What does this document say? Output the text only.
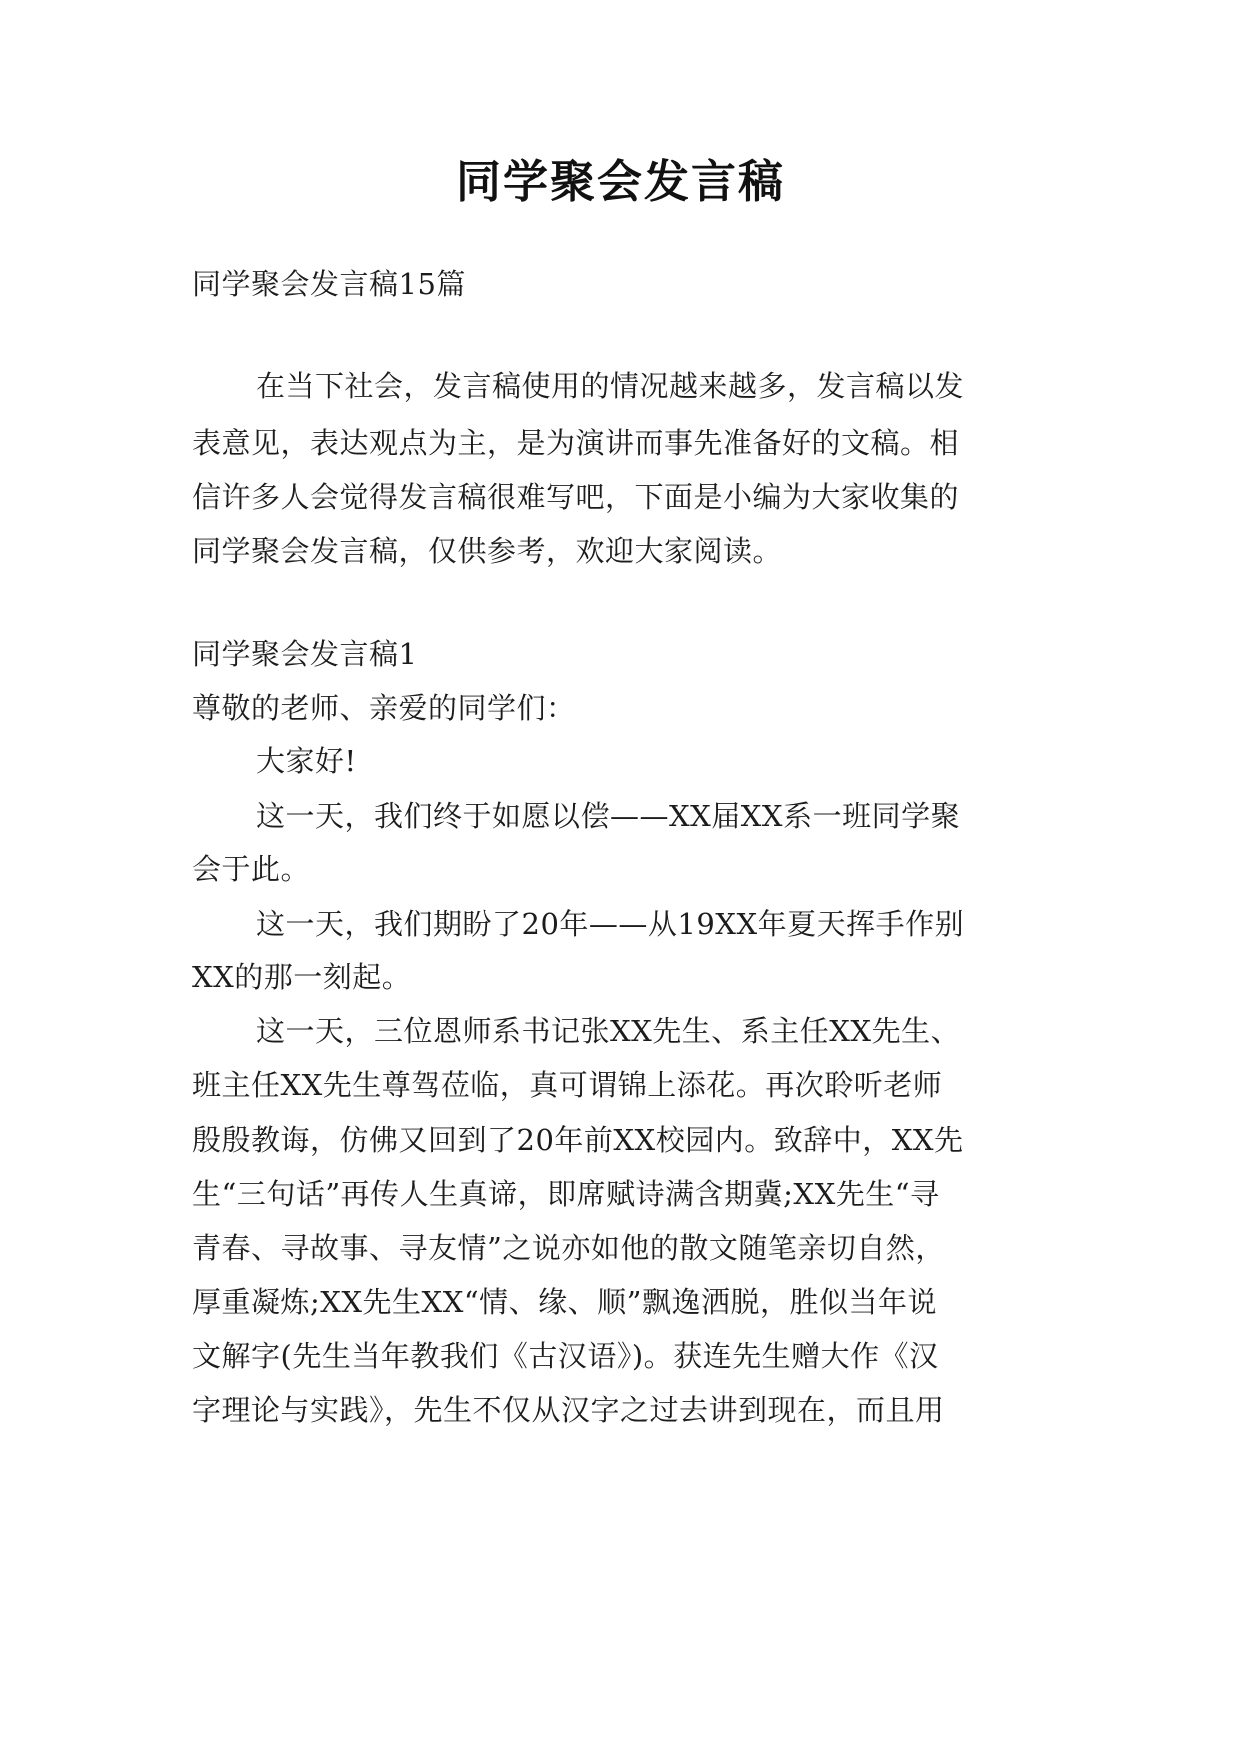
同学聚会发言稿
同学聚会发言稿15篇
在当下社会，发言稿使用的情况越来越多，发言稿以发
表意见，表达观点为主，是为演讲而事先准备好的文稿。相
信许多人会觉得发言稿很难写吧，下面是小编为大家收集的
同学聚会发言稿，仅供参考，欢迎大家阅读。
同学聚会发言稿1
尊敬的老师、亲爱的同学们：
大家好!
这一天，我们终于如愿以偿——XX届XX系一班同学聚
会于此。
这一天，我们期盼了20年——从19XX年夏天挥手作别
XX的那一刻起。
这一天，三位恩师系书记张XX先生、系主任XX先生、
班主任XX先生尊驾莅临，真可谓锦上添花。再次聆听老师
殷殷教诲，仿佛又回到了20年前XX校园内。致辞中，XX先
生“三句话”再传人生真谛，即席赋诗满含期冀;XX先生“寻
青春、寻故事、寻友情”之说亦如他的散文随笔亲切自然，
厚重凝炼;XX先生XX“情、缘、顺”飘逸洒脱，胜似当年说
文解字(先生当年教我们《古汉语》)。获连先生赠大作《汉
字理论与实践》，先生不仅从汉字之过去讲到现在，而且用
